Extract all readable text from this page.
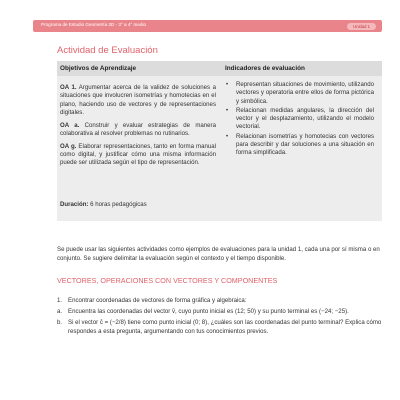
Programa de Estudio Geometría 3D - 3° a 4° medio	Unidad 1
Actividad de Evaluación
Objetivos de Aprendizaje	Indicadores de evaluación

OA 1. Argumentar acerca de la validez de soluciones a situaciones que involucren isometrías y homotecias en el plano, haciendo uso de vectores y de representaciones digitales.

OA a. Construir y evaluar estrategias de manera colaborativa al resolver problemas no rutinarios.

OA g. Elaborar representaciones, tanto en forma manual como digital, y justificar cómo una misma información puede ser utilizada según el tipo de representación.

• Representan situaciones de movimiento, utilizando vectores y operatoria entre ellos de forma pictórica y simbólica.
• Relacionan medidas angulares, la dirección del vector y el desplazamiento, utilizando el modelo vectorial.
• Relacionan isometrías y homotecias con vectores para describir y dar soluciones a una situación en forma simplificada.
Duración: 6 horas pedagógicas

Se puede usar las siguientes actividades como ejemplos de evaluaciones para la unidad 1, cada una por sí misma o en conjunto. Se sugiere delimitar la evaluación según el contexto y el tiempo disponible.

VECTORES, OPERACIONES CON VECTORES Y COMPONENTES
1. Encontrar coordenadas de vectores de forma gráfica y algebraica:
a. Encuentra las coordenadas del vector v̄, cuyo punto inicial es (12; 50) y su punto terminal es (−24; −25).
b. Si el vector c̄ = (−2/8) tiene como punto inicial (0; 8), ¿cuáles son las coordenadas del punto terminal? Explica cómo respondes a esta pregunta, argumentando con tus conocimientos previos.
